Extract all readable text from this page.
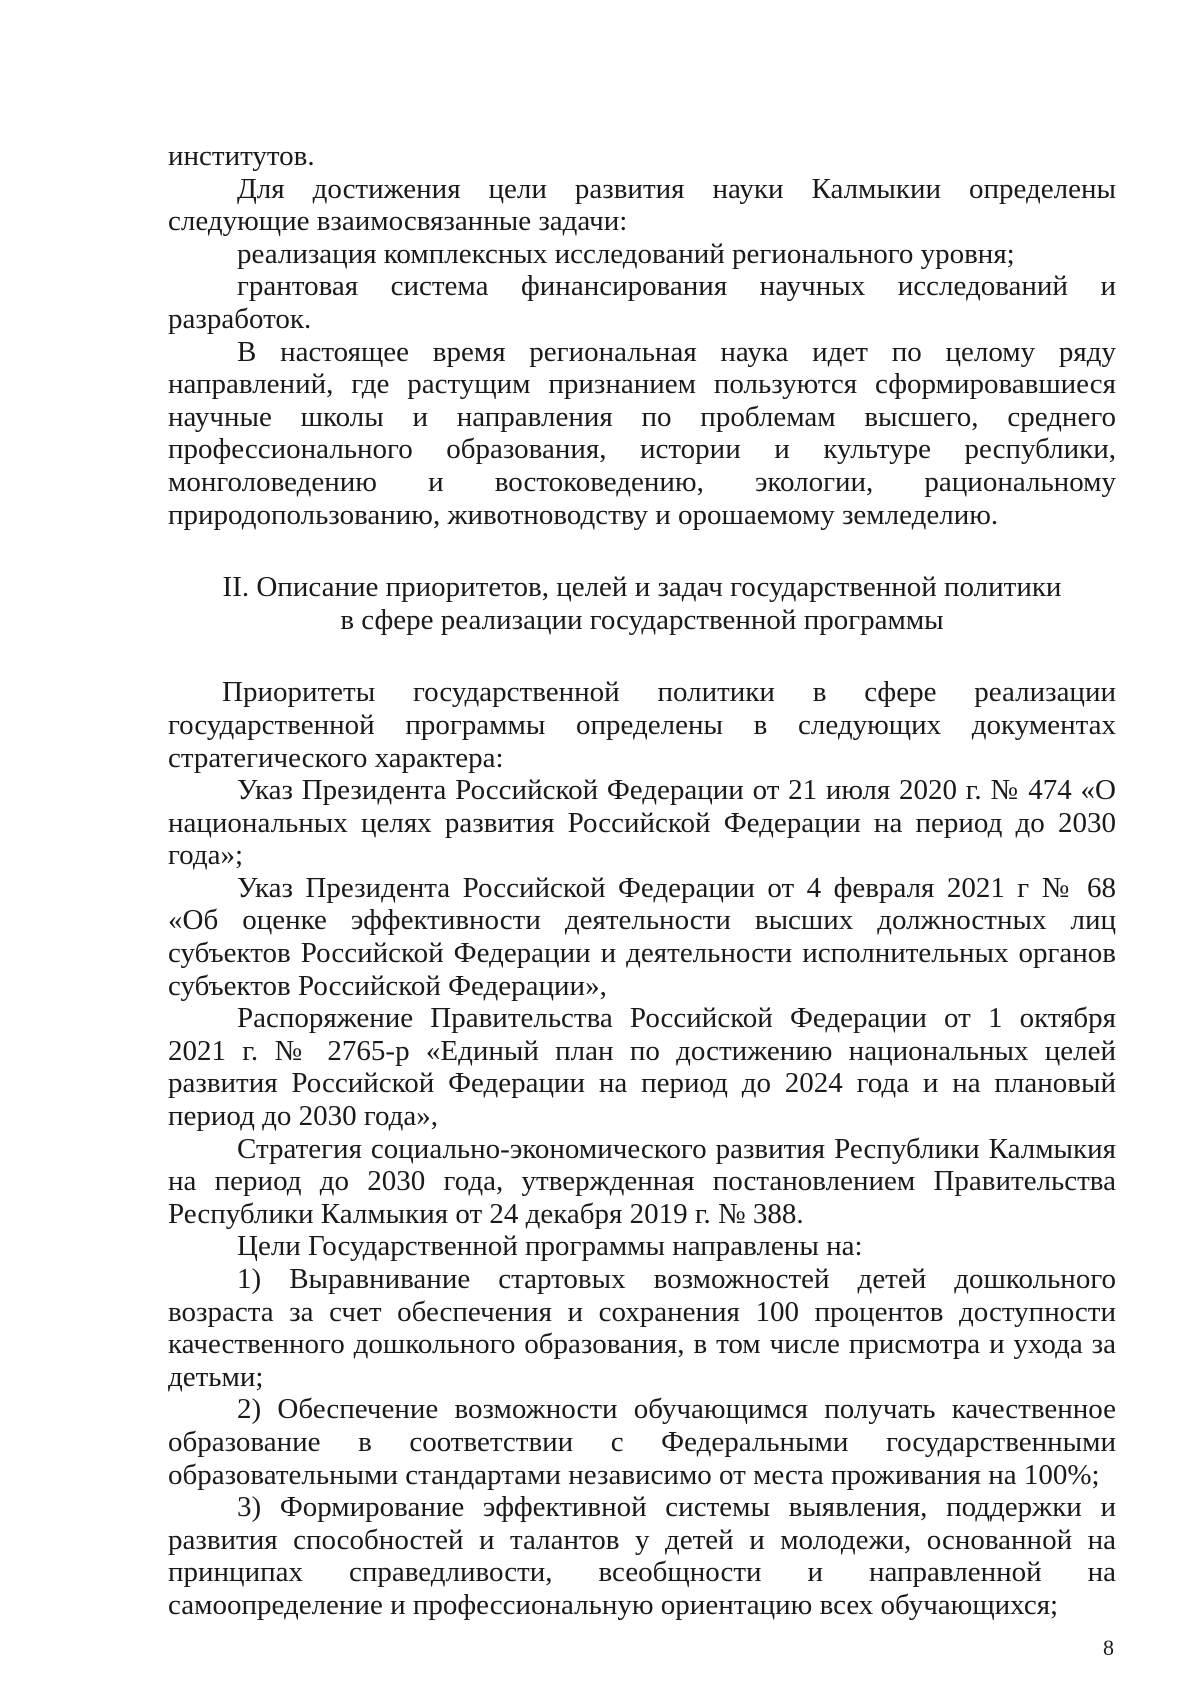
институтов.

Для достижения цели развития науки Калмыкии определены следующие взаимосвязанные задачи:

реализация комплексных исследований регионального уровня;

грантовая система финансирования научных исследований и разработок.

В настоящее время региональная наука идет по целому ряду направлений, где растущим признанием пользуются сформировавшиеся научные школы и направления по проблемам высшего, среднего профессионального образования, истории и культуре республики, монголоведению и востоковедению, экологии, рациональному природопользованию, животноводству и орошаемому земледелию.

II. Описание приоритетов, целей и задач государственной политики
в сфере реализации государственной программы

Приоритеты государственной политики в сфере реализации государственной программы определены в следующих документах стратегического характера:

Указ Президента Российской Федерации от 21 июля 2020 г. № 474 «О национальных целях развития Российской Федерации на период до 2030 года»;

Указ Президента Российской Федерации от 4 февраля 2021 г № 68 «Об оценке эффективности деятельности высших должностных лиц субъектов Российской Федерации и деятельности исполнительных органов субъектов Российской Федерации»,

Распоряжение Правительства Российской Федерации от 1 октября 2021 г. № 2765-р «Единый план по достижению национальных целей развития Российской Федерации на период до 2024 года и на плановый период до 2030 года»,

Стратегия социально-экономического развития Республики Калмыкия на период до 2030 года, утвержденная постановлением Правительства Республики Калмыкия от 24 декабря 2019 г. № 388.

Цели Государственной программы направлены на:

1) Выравнивание стартовых возможностей детей дошкольного возраста за счет обеспечения и сохранения 100 процентов доступности качественного дошкольного образования, в том числе присмотра и ухода за детьми;

2) Обеспечение возможности обучающимся получать качественное образование в соответствии с Федеральными государственными образовательными стандартами независимо от места проживания на 100%;

3) Формирование эффективной системы выявления, поддержки и развития способностей и талантов у детей и молодежи, основанной на принципах справедливости, всеобщности и направленной на самоопределение и профессиональную ориентацию всех обучающихся;

8
